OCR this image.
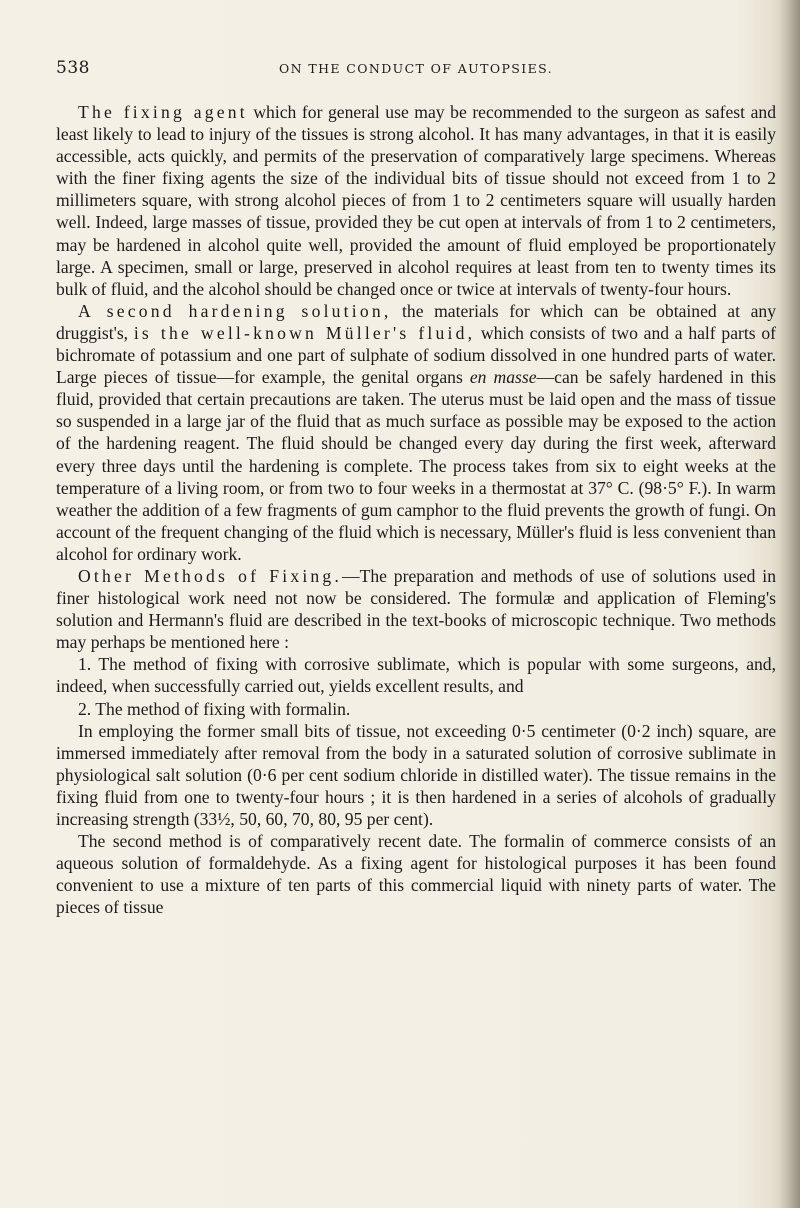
538	ON THE CONDUCT OF AUTOPSIES.

The fixing agent which for general use may be recommended to the surgeon as safest and least likely to lead to injury of the tissues is strong alcohol. It has many advantages, in that it is easily accessible, acts quickly, and permits of the preservation of comparatively large specimens. Whereas with the finer fixing agents the size of the individual bits of tissue should not exceed from 1 to 2 millimeters square, with strong alcohol pieces of from 1 to 2 centimeters square will usually harden well. Indeed, large masses of tissue, provided they be cut open at intervals of from 1 to 2 centimeters, may be hardened in alcohol quite well, provided the amount of fluid employed be proportionately large. A specimen, small or large, preserved in alcohol requires at least from ten to twenty times its bulk of fluid, and the alcohol should be changed once or twice at intervals of twenty-four hours.

A second hardening solution, the materials for which can be obtained at any druggist's, is the well-known Müller's fluid, which consists of two and a half parts of bichromate of potassium and one part of sulphate of sodium dissolved in one hundred parts of water. Large pieces of tissue—for example, the genital organs en masse—can be safely hardened in this fluid, provided that certain precautions are taken. The uterus must be laid open and the mass of tissue so suspended in a large jar of the fluid that as much surface as possible may be exposed to the action of the hardening reagent. The fluid should be changed every day during the first week, afterward every three days until the hardening is complete. The process takes from six to eight weeks at the temperature of a living room, or from two to four weeks in a thermostat at 37° C. (98·5° F.). In warm weather the addition of a few fragments of gum camphor to the fluid prevents the growth of fungi. On account of the frequent changing of the fluid which is necessary, Müller's fluid is less convenient than alcohol for ordinary work.

Other Methods of Fixing.—The preparation and methods of use of solutions used in finer histological work need not now be considered. The formulæ and application of Fleming's solution and Hermann's fluid are described in the text-books of microscopic technique. Two methods may perhaps be mentioned here :

1. The method of fixing with corrosive sublimate, which is popular with some surgeons, and, indeed, when successfully carried out, yields excellent results, and

2. The method of fixing with formalin.

In employing the former small bits of tissue, not exceeding 0·5 centimeter (0·2 inch) square, are immersed immediately after removal from the body in a saturated solution of corrosive sublimate in physiological salt solution (0·6 per cent sodium chloride in distilled water). The tissue remains in the fixing fluid from one to twenty-four hours ; it is then hardened in a series of alcohols of gradually increasing strength (33½, 50, 60, 70, 80, 95 per cent).

The second method is of comparatively recent date. The formalin of commerce consists of an aqueous solution of formaldehyde. As a fixing agent for histological purposes it has been found convenient to use a mixture of ten parts of this commercial liquid with ninety parts of water. The pieces of tissue
